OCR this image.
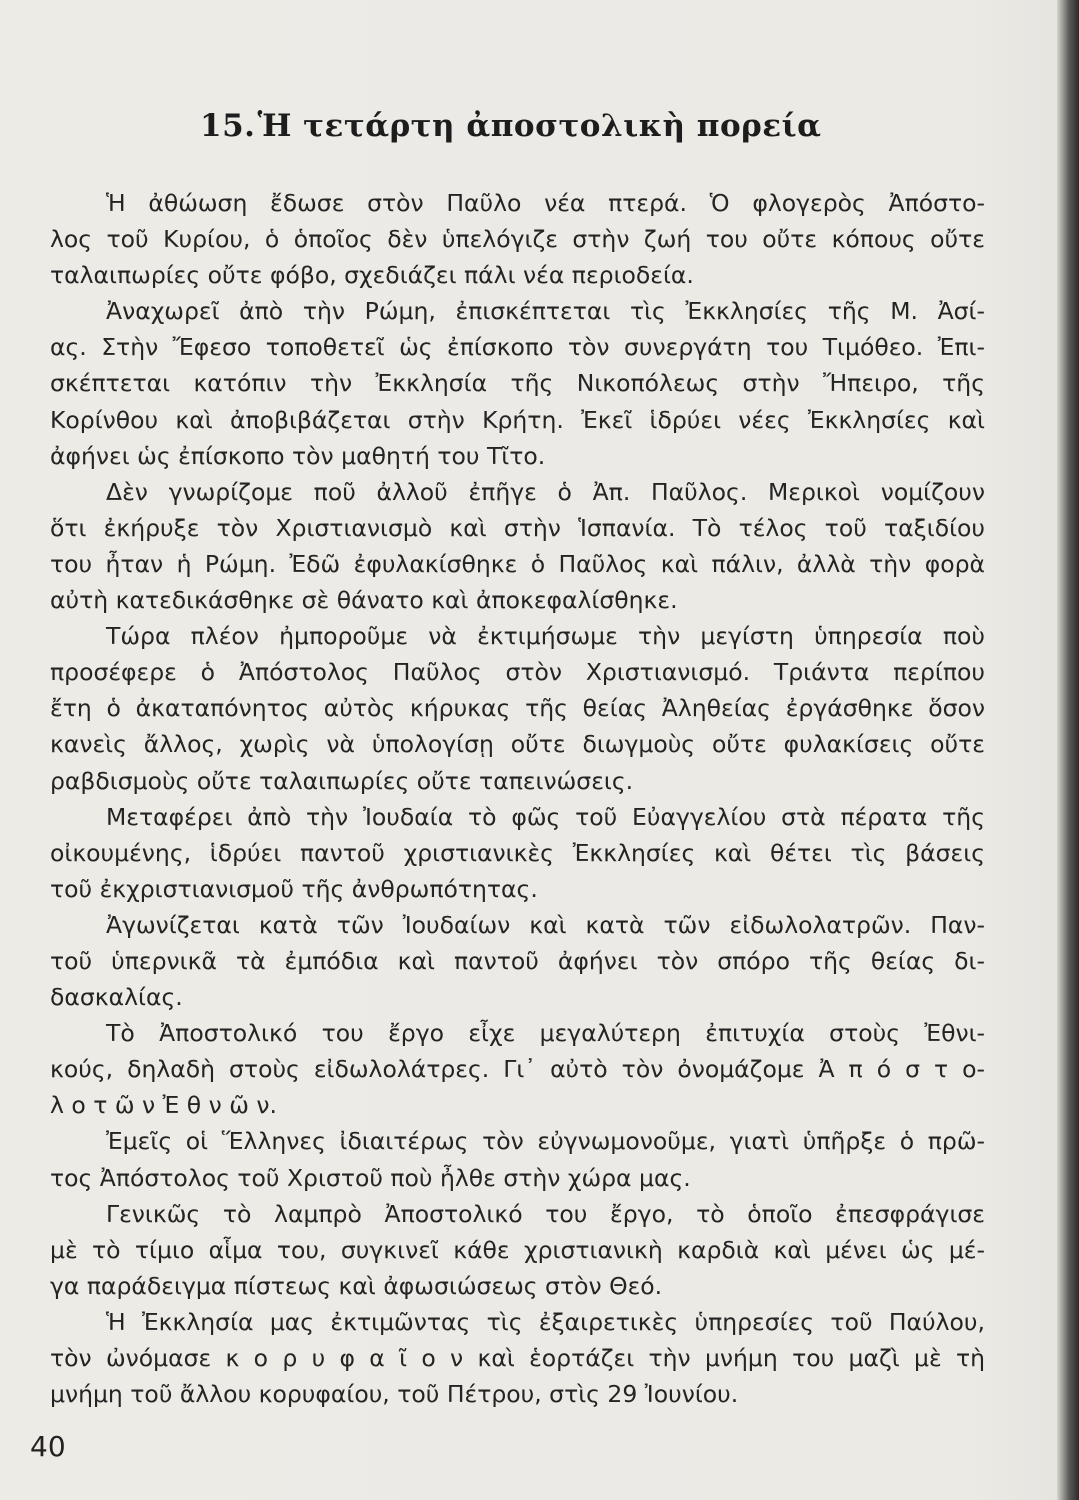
15.Ἡ τετάρτη ἀποστολικὴ πορεία
Ἡ ἀθώωση ἔδωσε στὸν Παῦλο νέα πτερά. Ὁ φλογερὸς Ἀπόστο-
λος τοῦ Κυρίου, ὁ ὁποῖος δὲν ὑπελόγιζε στὴν ζωή του οὔτε κόπους οὔτε
ταλαιπωρίες οὔτε φόβο, σχεδιάζει πάλι νέα περιοδεία.
Ἀναχωρεῖ ἀπὸ τὴν Ρώμη, ἐπισκέπτεται τὶς Ἐκκλησίες τῆς Μ. Ἀσί-
ας. Στὴν Ἔφεσο τοποθετεῖ ὡς ἐπίσκοπο τὸν συνεργάτη του Τιμόθεο. Ἐπι-
σκέπτεται κατόπιν τὴν Ἐκκλησία τῆς Νικοπόλεως στὴν Ἤπειρο, τῆς
Κορίνθου καὶ ἀποβιβάζεται στὴν Κρήτη. Ἐκεῖ ἱδρύει νέες Ἐκκλησίες καὶ
ἀφήνει ὡς ἐπίσκοπο τὸν μαθητή του Τῖτο.
Δὲν γνωρίζομε ποῦ ἀλλοῦ ἐπῆγε ὁ Ἀπ. Παῦλος. Μερικοὶ νομίζουν
ὅτι ἐκήρυξε τὸν Χριστιανισμὸ καὶ στὴν Ἱσπανία. Τὸ τέλος τοῦ ταξιδίου
του ἦταν ἡ Ρώμη. Ἐδῶ ἐφυλακίσθηκε ὁ Παῦλος καὶ πάλιν, ἀλλὰ τὴν φορὰ
αὐτὴ κατεδικάσθηκε σὲ θάνατο καὶ ἀποκεφαλίσθηκε.
Τώρα πλέον ἠμποροῦμε νὰ ἐκτιμήσωμε τὴν μεγίστη ὑπηρεσία ποὺ
προσέφερε ὁ Ἀπόστολος Παῦλος στὸν Χριστιανισμό. Τριάντα περίπου
ἔτη ὁ ἀκαταπόνητος αὐτὸς κήρυκας τῆς θείας Ἀληθείας ἐργάσθηκε ὅσον
κανεὶς ἄλλος, χωρὶς νὰ ὑπολογίσῃ οὔτε διωγμοὺς οὔτε φυλακίσεις οὔτε
ραβδισμοὺς οὔτε ταλαιπωρίες οὔτε ταπεινώσεις.
Μεταφέρει ἀπὸ τὴν Ἰουδαία τὸ φῶς τοῦ Εὐαγγελίου στὰ πέρατα τῆς
οἰκουμένης, ἱδρύει παντοῦ χριστιανικὲς Ἐκκλησίες καὶ θέτει τὶς βάσεις
τοῦ ἐκχριστιανισμοῦ τῆς ἀνθρωπότητας.
Ἀγωνίζεται κατὰ τῶν Ἰουδαίων καὶ κατὰ τῶν εἰδωλολατρῶν. Παν-
τοῦ ὑπερνικᾶ τὰ ἐμπόδια καὶ παντοῦ ἀφήνει τὸν σπόρο τῆς θείας δι-
δασκαλίας.
Τὸ Ἀποστολικό του ἔργο εἶχε μεγαλύτερη ἐπιτυχία στοὺς Ἐθνι-
κούς, δηλαδὴ στοὺς εἰδωλολάτρες. Γι᾿ αὐτὸ τὸν ὀνομάζομε Ἀ π ό σ τ ο-
λ ο τ ῶ ν Ἐ θ ν ῶ ν.
Ἐμεῖς οἱ Ἕλληνες ἰδιαιτέρως τὸν εὐγνωμονοῦμε, γιατὶ ὑπῆρξε ὁ πρῶ-
τος Ἀπόστολος τοῦ Χριστοῦ ποὺ ἦλθε στὴν χώρα μας.
Γενικῶς τὸ λαμπρὸ Ἀποστολικό του ἔργο, τὸ ὁποῖο ἐπεσφράγισε
μὲ τὸ τίμιο αἷμα του, συγκινεῖ κάθε χριστιανικὴ καρδιὰ καὶ μένει ὡς μέ-
γα παράδειγμα πίστεως καὶ ἀφωσιώσεως στὸν Θεό.
Ἡ Ἐκκλησία μας ἐκτιμῶντας τὶς ἐξαιρετικὲς ὑπηρεσίες τοῦ Παύλου,
τὸν ὠνόμασε κ ο ρ υ φ α ῖ ο ν καὶ ἑορτάζει τὴν μνήμη του μαζὶ μὲ τὴ
μνήμη τοῦ ἄλλου κορυφαίου, τοῦ Πέτρου, στὶς 29 Ἰουνίου.
40
